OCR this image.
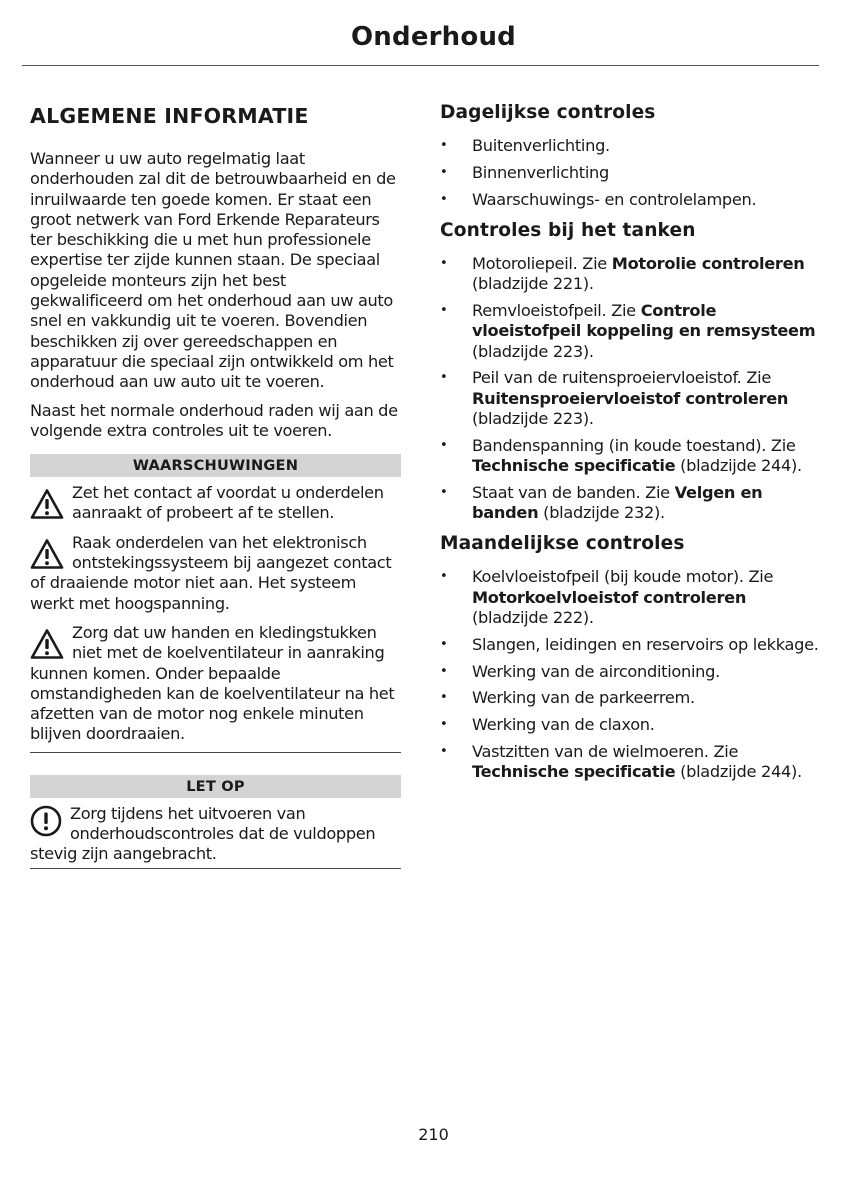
Onderhoud
ALGEMENE INFORMATIE

Wanneer u uw auto regelmatig laat onderhouden zal dit de betrouwbaarheid en de inruilwaarde ten goede komen. Er staat een groot netwerk van Ford Erkende Reparateurs ter beschikking die u met hun professionele expertise ter zijde kunnen staan. De speciaal opgeleide monteurs zijn het best gekwalificeerd om het onderhoud aan uw auto snel en vakkundig uit te voeren. Bovendien beschikken zij over gereedschappen en apparatuur die speciaal zijn ontwikkeld om het onderhoud aan uw auto uit te voeren.

Naast het normale onderhoud raden wij aan de volgende extra controles uit te voeren.

WAARSCHUWINGEN
Zet het contact af voordat u onderdelen aanraakt of probeert af te stellen.
Raak onderdelen van het elektronisch ontstekingssysteem bij aangezet contact of draaiende motor niet aan. Het systeem werkt met hoogspanning.
Zorg dat uw handen en kledingstukken niet met de koelventilateur in aanraking kunnen komen. Onder bepaalde omstandigheden kan de koelventilateur na het afzetten van de motor nog enkele minuten blijven doordraaien.
LET OP
Zorg tijdens het uitvoeren van onderhoudscontroles dat de vuldoppen stevig zijn aangebracht.
Dagelijkse controles
• Buitenverlichting.
• Binnenverlichting
• Waarschuwings- en controlelampen.
Controles bij het tanken
• Motoroliepeil. Zie Motorolie controleren (bladzijde 221).
• Remvloeistofpeil. Zie Controle vloeistofpeil koppeling en remsysteem (bladzijde 223).
• Peil van de ruitensproeiervloeistof. Zie Ruitensproeiervloeistof controleren (bladzijde 223).
• Bandenspanning (in koude toestand). Zie Technische specificatie (bladzijde 244).
• Staat van de banden. Zie Velgen en banden (bladzijde 232).
Maandelijkse controles
• Koelvloeistofpeil (bij koude motor). Zie Motorkoelvloeistof controleren (bladzijde 222).
• Slangen, leidingen en reservoirs op lekkage.
• Werking van de airconditioning.
• Werking van de parkeerrem.
• Werking van de claxon.
• Vastzitten van de wielmoeren. Zie Technische specificatie (bladzijde 244).
210
